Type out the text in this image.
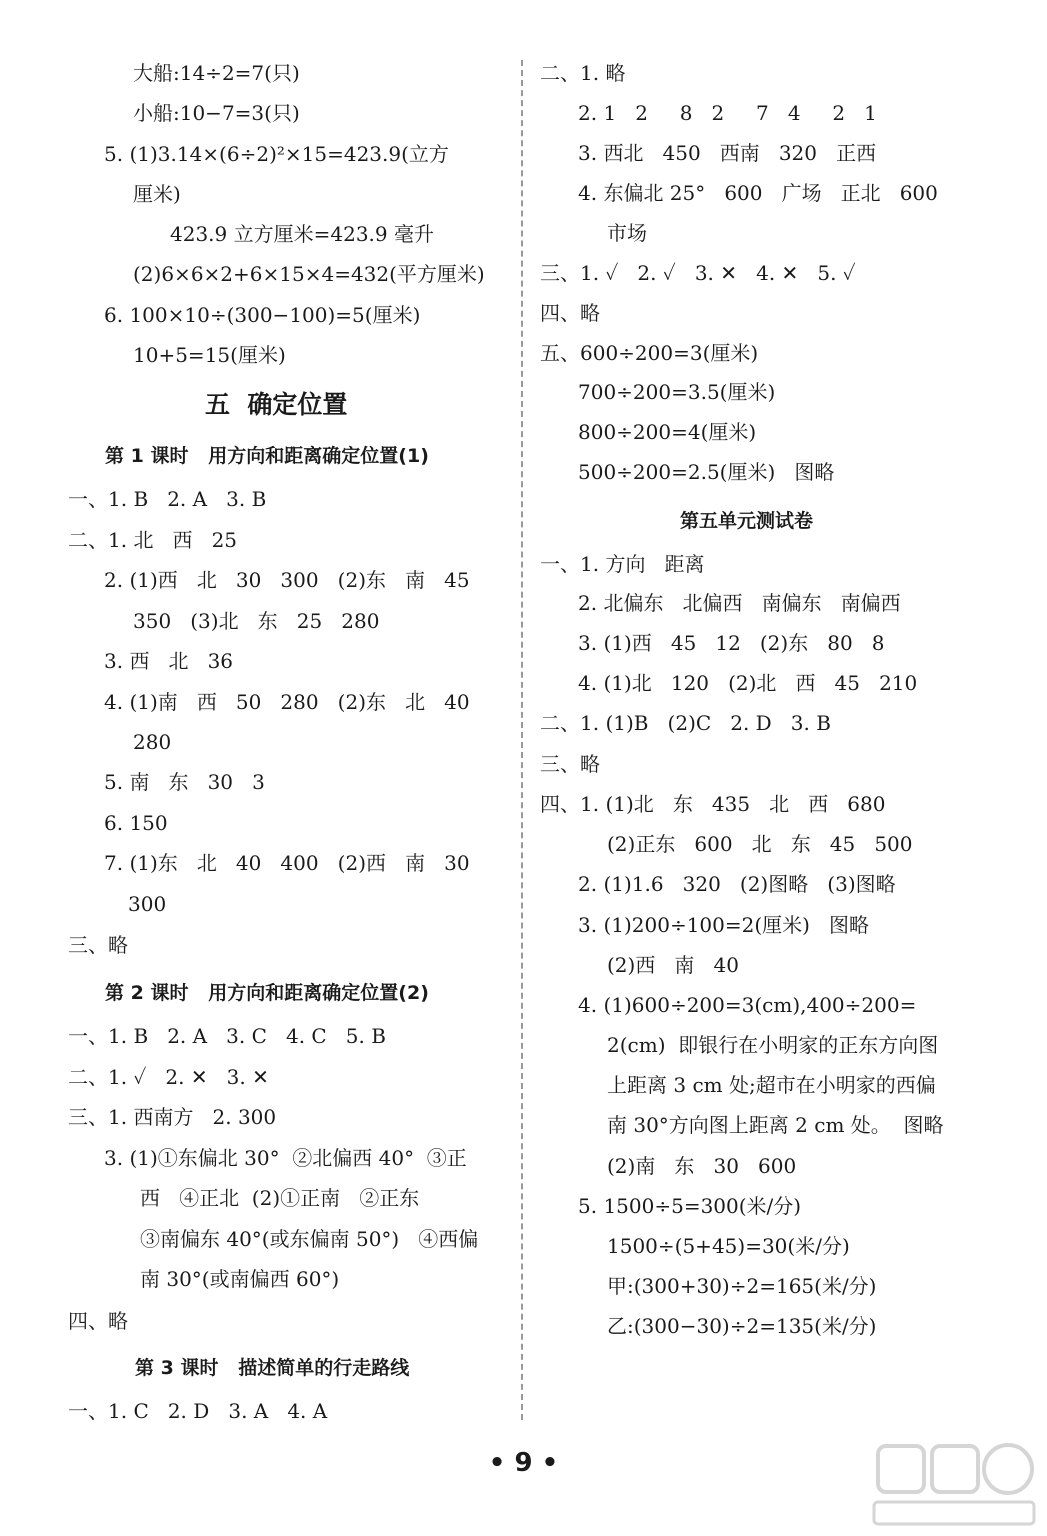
大船:14÷2=7(只)
小船:10−7=3(只)
5. (1)3.14×(6÷2)²×15=423.9(立方
厘米)
423.9 立方厘米=423.9 毫升
(2)6×6×2+6×15×4=432(平方厘米)
6. 100×10÷(300−100)=5(厘米)
10+5=15(厘米)
一、1. B   2. A   3. B
二、1. 北   西   25
2. (1)西   北   30   300   (2)东   南   45
350   (3)北   东   25   280
3. 西   北   36
4. (1)南   西   50   280   (2)东   北   40
280
5. 南   东   30   3
6. 150
7. (1)东   北   40   400   (2)西   南   30
300
三、略
一、1. B   2. A   3. C   4. C   5. B
二、1. ✓   2. ✕   3. ✕
三、1. 西南方   2. 300
3. (1)①东偏北 30°  ②北偏西 40°  ③正
西   ④正北  (2)①正南   ②正东
③南偏东 40°(或东偏南 50°)   ④西偏
南 30°(或南偏西 60°)
四、略
一、1. C   2. D   3. A   4. A
五  确定位置
第 1 课时   用方向和距离确定位置(1)
第 2 课时   用方向和距离确定位置(2)
第 3 课时   描述简单的行走路线
二、1. 略
2. 1   2     8   2     7   4     2   1
3. 西北   450   西南   320   正西
4. 东偏北 25°   600   广场   正北   600
市场
三、1. ✓   2. ✓   3. ✕   4. ✕   5. ✓
四、略
五、600÷200=3(厘米)
700÷200=3.5(厘米)
800÷200=4(厘米)
500÷200=2.5(厘米)   图略
一、1. 方向   距离
2. 北偏东   北偏西   南偏东   南偏西
3. (1)西   45   12   (2)东   80   8
4. (1)北   120   (2)北   西   45   210
二、1. (1)B   (2)C   2. D   3. B
三、略
四、1. (1)北   东   435   北   西   680
(2)正东   600   北   东   45   500
2. (1)1.6   320   (2)图略   (3)图略
3. (1)200÷100=2(厘米)   图略
(2)西   南   40
4. (1)600÷200=3(cm),400÷200=
2(cm)  即银行在小明家的正东方向图
上距离 3 cm 处;超市在小明家的西偏
南 30°方向图上距离 2 cm 处。  图略
(2)南   东   30   600
5. 1500÷5=300(米/分)
1500÷(5+45)=30(米/分)
甲:(300+30)÷2=165(米/分)
乙:(300−30)÷2=135(米/分)
第五单元测试卷
• 9 •
